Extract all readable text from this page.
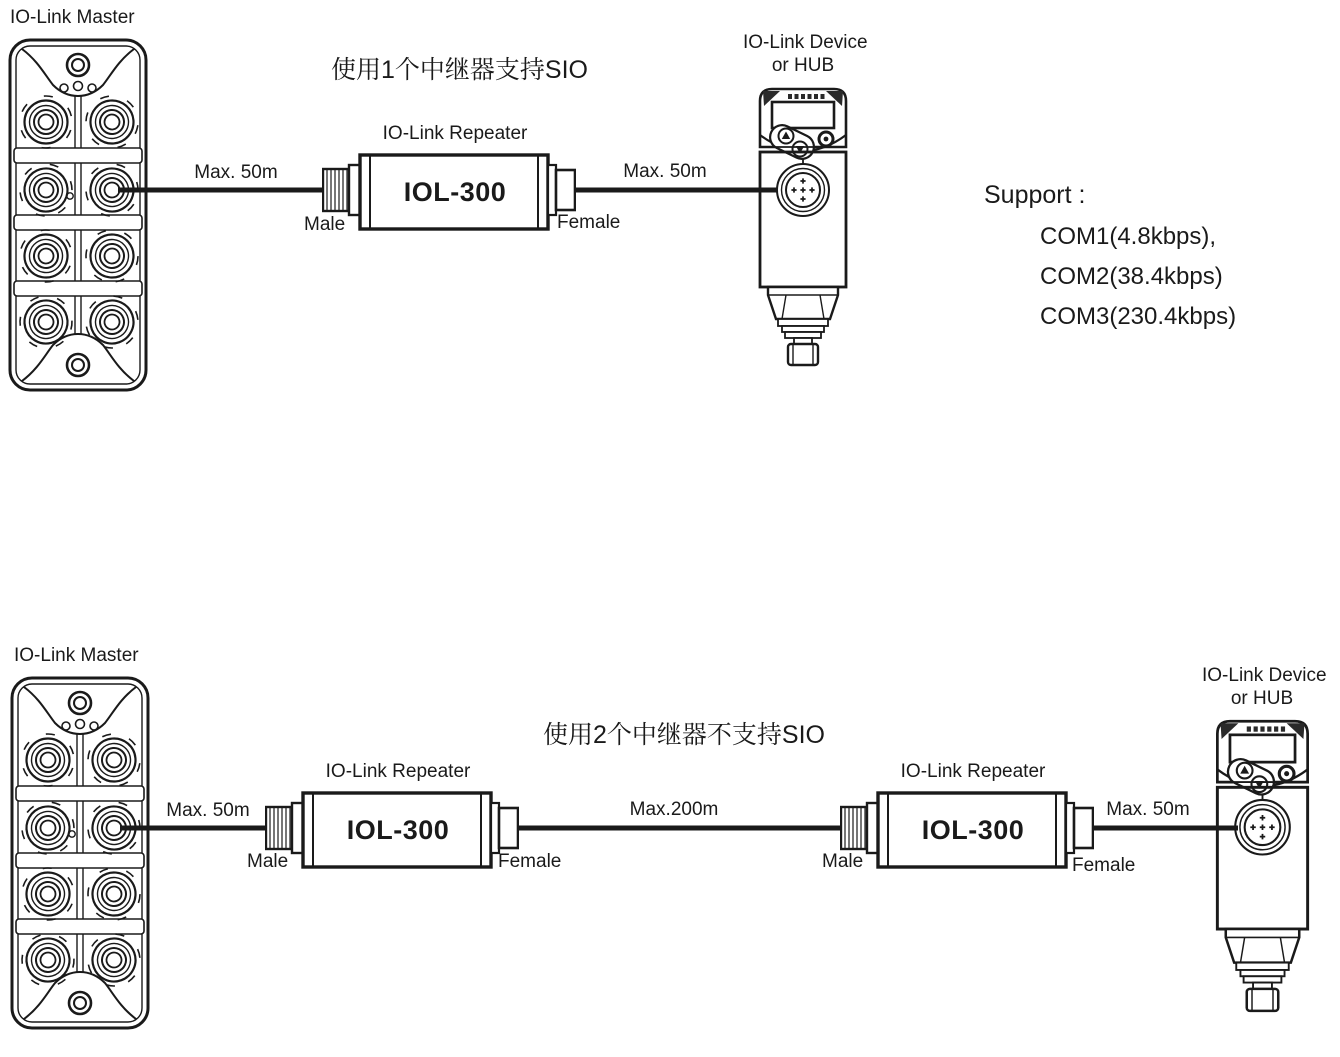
IO-Link Master
使用1个中继器支持SIO
IO-Link Repeater
Max. 50m
IOL-300
Male	Female
Max. 50m
IO-Link Device
or HUB
Support :
COM1(4.8kbps),
COM2(38.4kbps)
COM3(230.4kbps)
IO-Link Master
使用2个中继器不支持SIO
IO-Link Repeater
Max. 50m
IOL-300
Male	Female
Max.200m
IO-Link Repeater
IOL-300
Male	Female
Max. 50m
IO-Link Device
or HUB
